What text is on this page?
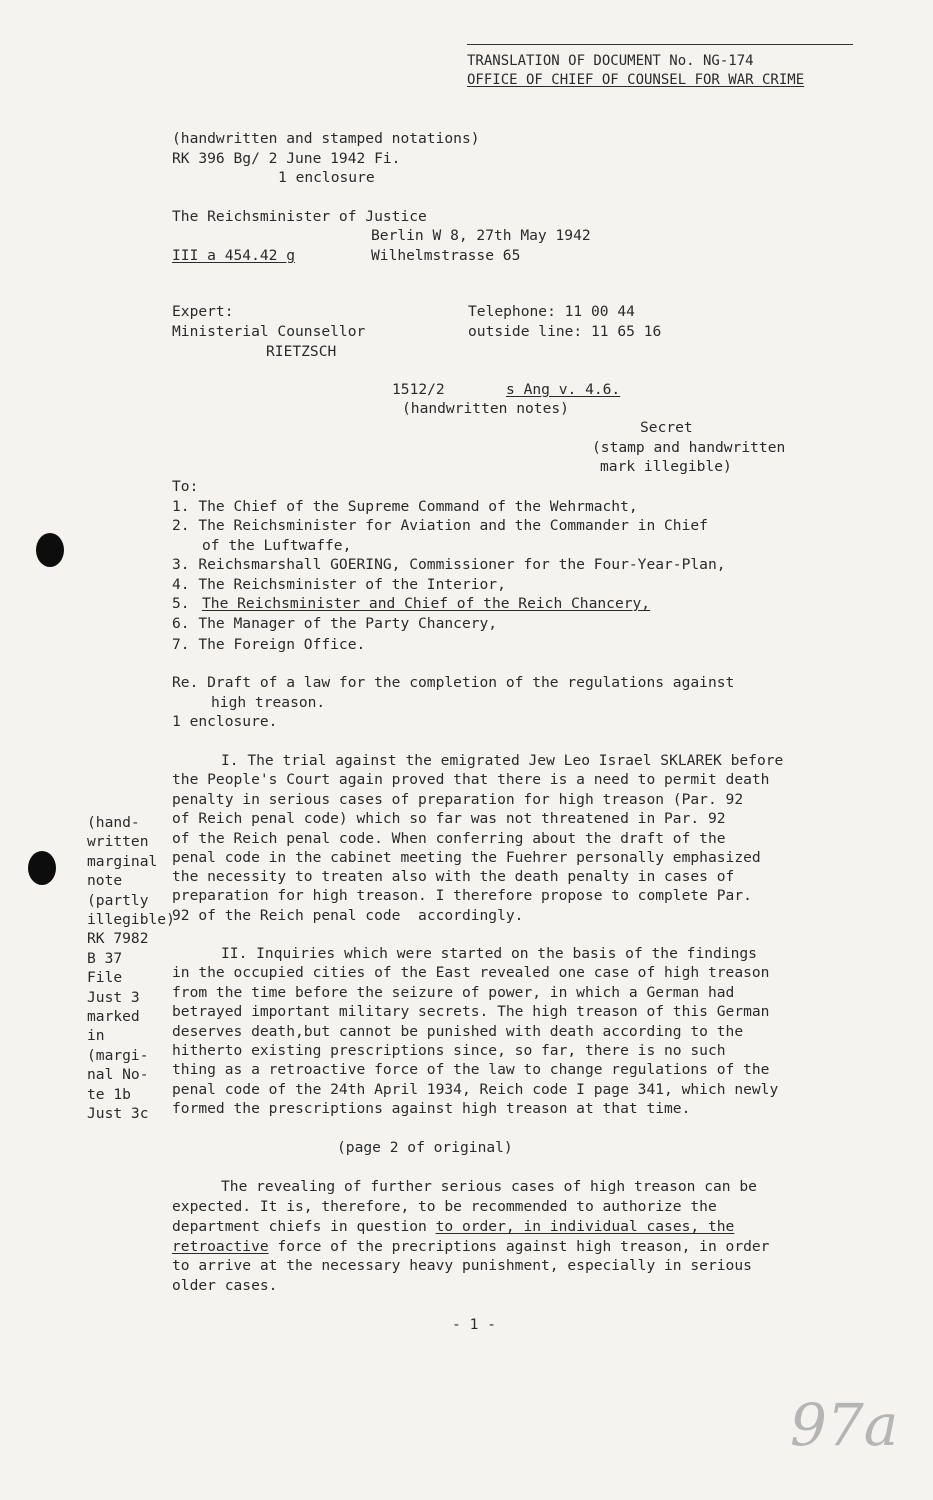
TRANSLATION OF DOCUMENT No. NG-174
OFFICE OF CHIEF OF COUNSEL FOR WAR CRIME
(handwritten and stamped notations)
RK 396 Bg/ 2 June 1942 Fi.
1 enclosure
The Reichsminister of Justice
Berlin W 8, 27th May 1942
III a 454.42 g	Wilhelmstrasse 65
Expert:
Ministerial Counsellor
RIETZSCH
Telephone: 11 00 44
outside line: 11 65 16
1512/2	s Ang v. 4.6.
(handwritten notes)
Secret
(stamp and handwritten
mark illegible)
To:
1. The Chief of the Supreme Command of the Wehrmacht,
2. The Reichsminister for Aviation and the Commander in Chief
of the Luftwaffe,
3. Reichsmarshall GOERING, Commissioner for the Four-Year-Plan,
4. The Reichsminister of the Interior,
5. The Reichsminister and Chief of the Reich Chancery,
6. The Manager of the Party Chancery,
7. The Foreign Office.
Re. Draft of a law for the completion of the regulations against
high treason.
1 enclosure.
I. The trial against the emigrated Jew Leo Israel SKLAREK before
the People's Court again proved that there is a need to permit death
penalty in serious cases of preparation for high treason (Par. 92
of Reich penal code) which so far was not threatened in Par. 92
of the Reich penal code. When conferring about the draft of the
penal code in the cabinet meeting the Fuehrer personally emphasized
the necessity to treaten also with the death penalty in cases of
preparation for high treason. I therefore propose to complete Par.
92 of the Reich penal code  accordingly.
(hand-
written
marginal
note
(partly
illegible)
RK 7982
B 37
File
Just 3
marked
in
(margi-
nal No-
te 1b
Just 3c
II. Inquiries which were started on the basis of the findings
in the occupied cities of the East revealed one case of high treason
from the time before the seizure of power, in which a German had
betrayed important military secrets. The high treason of this German
deserves death,but cannot be punished with death according to the
hitherto existing prescriptions since, so far, there is no such
thing as a retroactive force of the law to change regulations of the
penal code of the 24th April 1934, Reich code I page 341, which newly
formed the prescriptions against high treason at that time.
(page 2 of original)
The revealing of further serious cases of high treason can be
expected. It is, therefore, to be recommended to authorize the
department chiefs in question to order, in individual cases, the
retroactive force of the precriptions against high treason, in order
to arrive at the necessary heavy punishment, especially in serious
older cases.
- 1 -
97a
